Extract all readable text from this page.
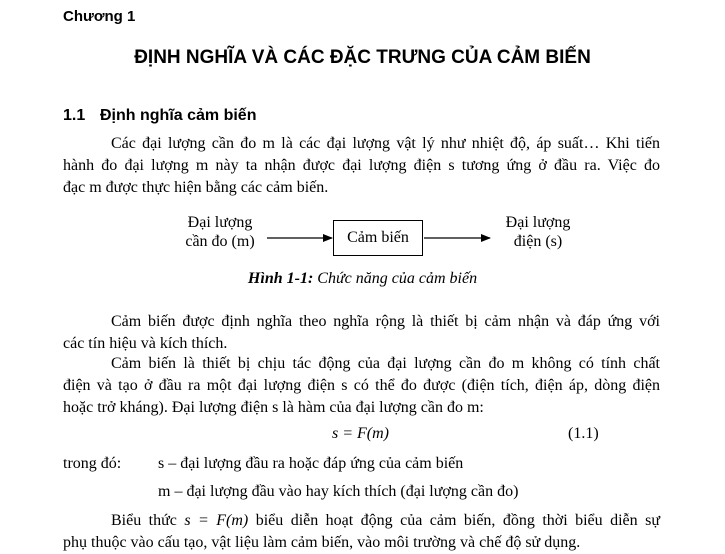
Chương 1
ĐỊNH NGHĨA VÀ CÁC ĐẶC TRƯNG CỦA CẢM BIẾN
1.1 Định nghĩa cảm biến
Các đại lượng cần đo m là các đại lượng vật lý như nhiệt độ, áp suất… Khi tiến
hành đo đại lượng m này ta nhận được đại lượng điện s tương ứng ở đầu ra. Việc đo
đạc m được thực hiện bằng các cảm biến.
Đại lượng
cần đo (m)	Cảm biến
Đại lượng
điện (s)
Hình 1-1: Chức năng của cảm biến
Cảm biến được định nghĩa theo nghĩa rộng là thiết bị cảm nhận và đáp ứng với
các tín hiệu và kích thích.
Cảm biến là thiết bị chịu tác động của đại lượng cần đo m không có tính chất
điện và tạo ở đầu ra một đại lượng điện s có thể đo được (điện tích, điện áp, dòng điện
hoặc trở kháng). Đại lượng điện s là hàm của đại lượng cần đo m:
s = F(m)	(1.1)
trong đó: s – đại lượng đầu ra hoặc đáp ứng của cảm biến
m – đại lượng đầu vào hay kích thích (đại lượng cần đo)
Biểu thức s = F(m) biểu diễn hoạt động của cảm biến, đồng thời biểu diễn sự
phụ thuộc vào cấu tạo, vật liệu làm cảm biến, vào môi trường và chế độ sử dụng.
